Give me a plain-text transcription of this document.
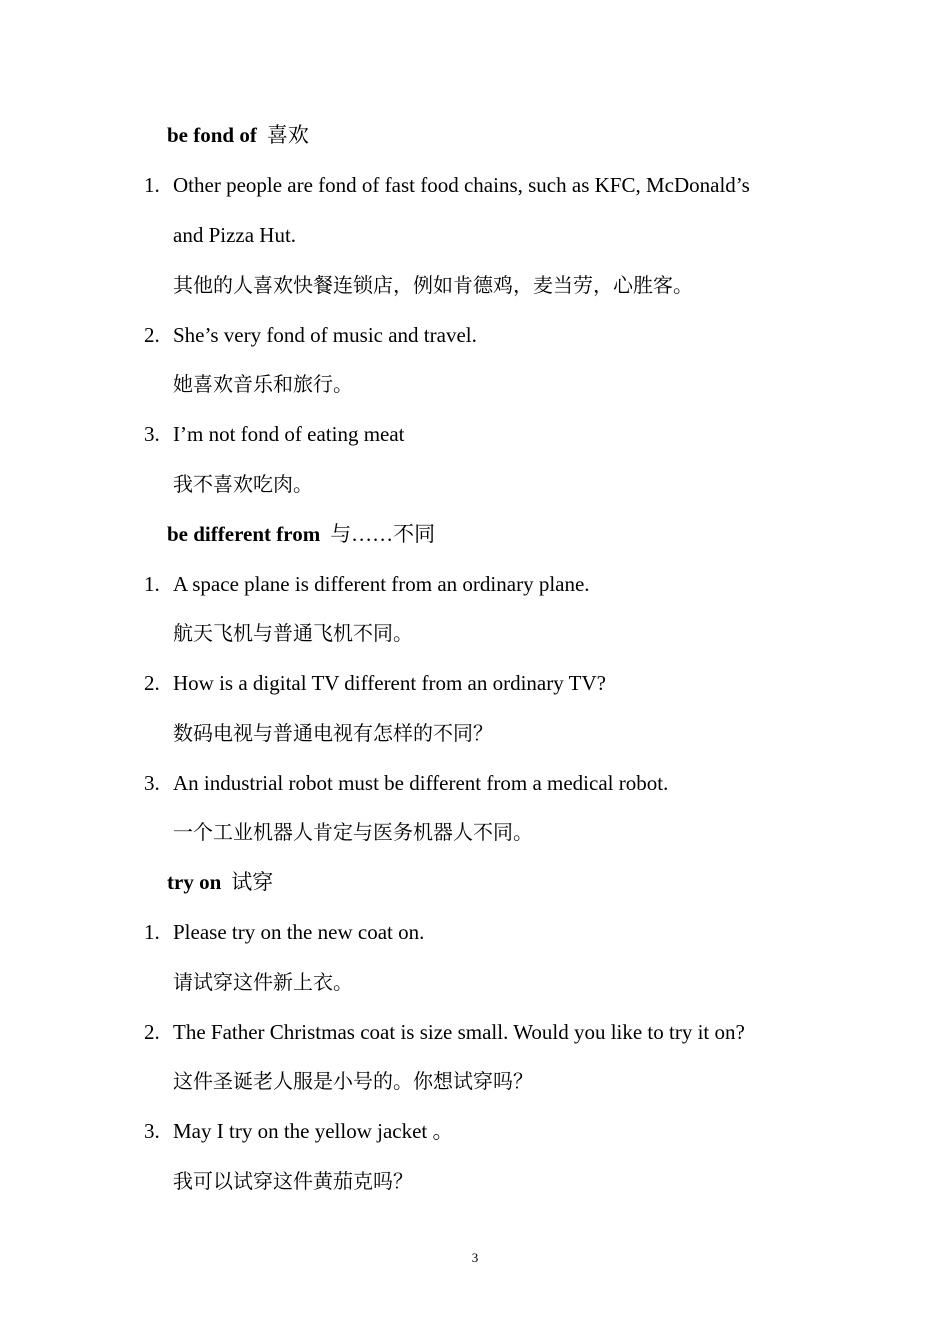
be fond of 喜欢
1. Other people are fond of fast food chains, such as KFC, McDonald’s
and Pizza Hut.
其他的人喜欢快餐连锁店，例如肯德鸡，麦当劳，心胜客。
2. She’s very fond of music and travel.
她喜欢音乐和旅行。
3. I’m not fond of eating meat
我不喜欢吃肉。
be different from 与……不同
1. A space plane is different from an ordinary plane.
航天飞机与普通飞机不同。
2. How is a digital TV different from an ordinary TV?
数码电视与普通电视有怎样的不同？
3. An industrial robot must be different from a medical robot.
一个工业机器人肯定与医务机器人不同。
try on 试穿
1. Please try on the new coat on.
请试穿这件新上衣。
2. The Father Christmas coat is size small. Would you like to try it on?
这件圣诞老人服是小号的。你想试穿吗？
3. May I try on the yellow jacket 。
我可以试穿这件黄茄克吗？
3
